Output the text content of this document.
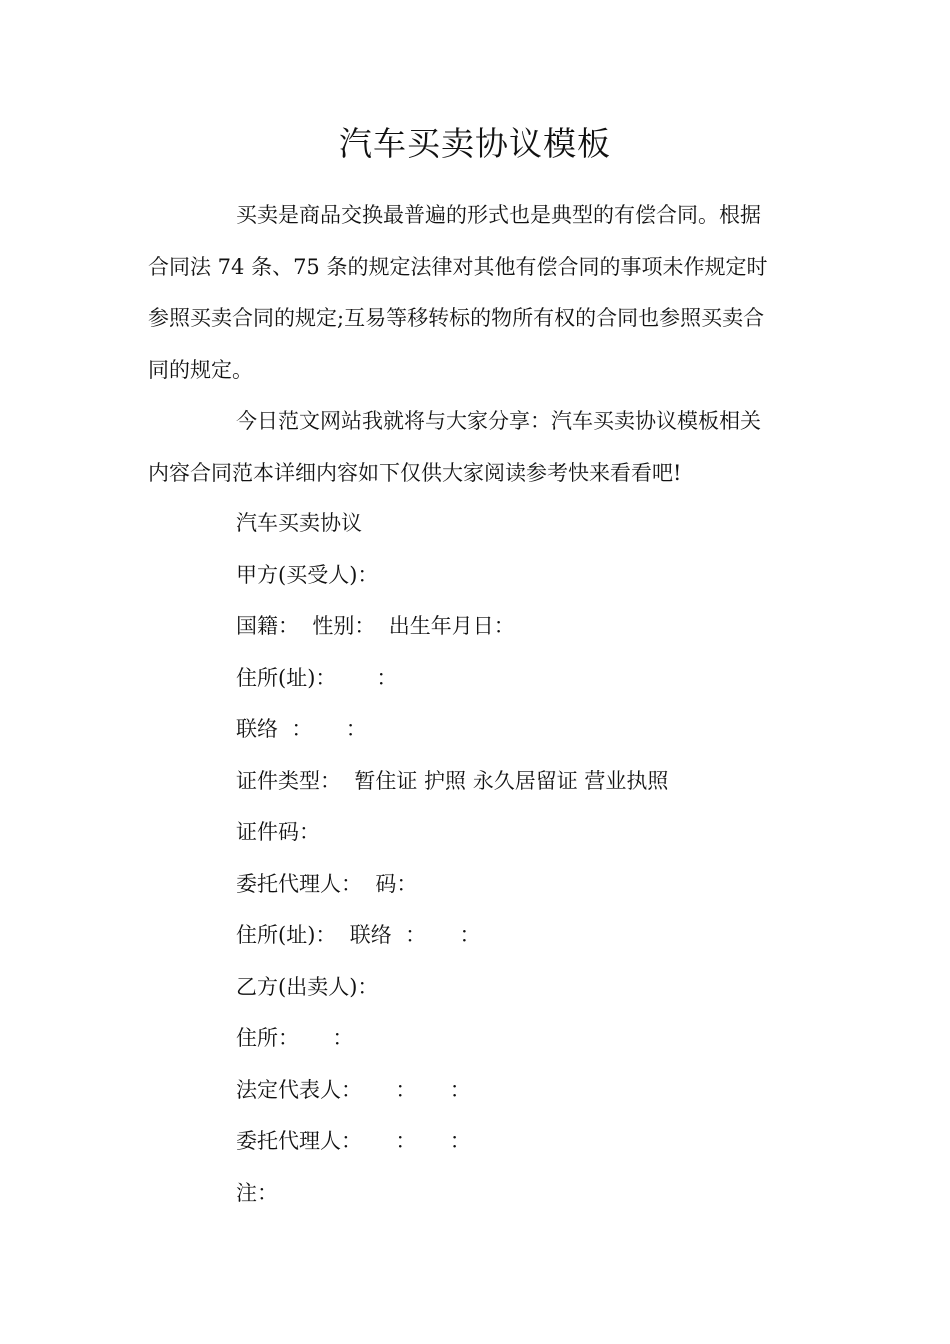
汽车买卖协议模板
买卖是商品交换最普遍的形式也是典型的有偿合同。根据
合同法 74 条、75 条的规定法律对其他有偿合同的事项未作规定时
参照买卖合同的规定;互易等移转标的物所有权的合同也参照买卖合
同的规定。
今日范文网站我就将与大家分享：汽车买卖协议模板相关
内容合同范本详细内容如下仅供大家阅读参考快来看看吧!
汽车买卖协议
甲方(买受人)：
国籍：  性别：  出生年月日：
住所(址)：      ：
联络  ：     ：
证件类型：  暂住证 护照 永久居留证 营业执照
证件码：
委托代理人：  码：
住所(址)：  联络  ：     ：
乙方(出卖人)：
住所：     ：
法定代表人：     ：     ：
委托代理人：     ：     ：
注：
